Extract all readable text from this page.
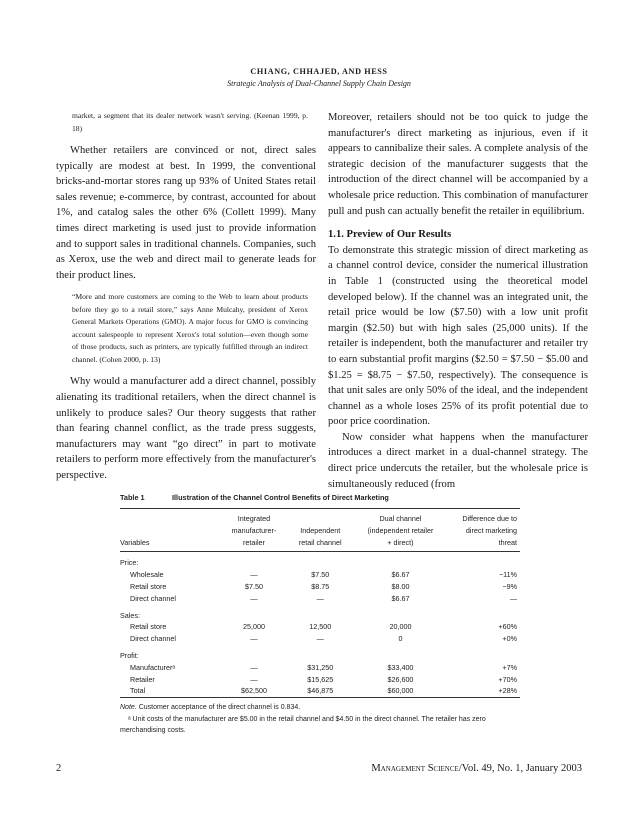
CHIANG, CHHAJED, AND HESS
Strategic Analysis of Dual-Channel Supply Chain Design

market, a segment that its dealer network wasn't serving. (Keenan 1999, p. 18)

Whether retailers are convinced or not, direct sales typically are modest at best. In 1999, the conventional bricks-and-mortar stores rang up 93% of United States retail sales revenue; e-commerce, by contrast, accounted for about 1%, and catalog sales the other 6% (Collett 1999). Many times direct marketing is used just to provide information and to support sales in traditional channels. Companies, such as Xerox, use the web and direct mail to generate leads for their product lines.

“More and more customers are coming to the Web to learn about products before they go to a retail store,” says Anne Mulcahy, president of Xerox General Markets Operations (GMO). A major focus for GMO is convincing account salespeople to represent Xerox's total solution—even though some of those products, such as printers, are typically fulfilled through an indirect channel. (Cohen 2000, p. 13)

Why would a manufacturer add a direct channel, possibly alienating its traditional retailers, when the direct channel is unlikely to produce sales? Our theory suggests that rather than fearing channel conflict, as the trade press suggests, manufacturers may want “go direct” in part to motivate retailers to perform more effectively from the manufacturer's perspective.

Moreover, retailers should not be too quick to judge the manufacturer's direct marketing as injurious, even if it appears to cannibalize their sales. A complete analysis of the strategic decision of the manufacturer suggests that the introduction of the direct channel will be accompanied by a wholesale price reduction. This combination of manufacturer pull and push can actually benefit the retailer in equilibrium.

1.1. Preview of Our Results

To demonstrate this strategic mission of direct marketing as a channel control device, consider the numerical illustration in Table 1 (constructed using the theoretical model developed below). If the channel was an integrated unit, the retail price would be low ($7.50) with a low unit profit margin ($2.50) but with high sales (25,000 units). If the retailer is independent, both the manufacturer and retailer try to earn substantial profit margins ($2.50 = $7.50 − $5.00 and $1.25 = $8.75 − $7.50, respectively). The consequence is that unit sales are only 50% of the ideal, and the independent channel as a whole loses 25% of its profit potential due to poor price coordination.

Now consider what happens when the manufacturer introduces a direct market in a dual-channel strategy. The direct price undercuts the retailer, but the wholesale price is simultaneously reduced (from

Table 1	Illustration of the Channel Control Benefits of Direct Marketing

Variables	Integrated
manufacturer-
retailer	Independent
retail channel	Dual channel
(independent retailer
+ direct)	Difference due to
direct marketing
threat

Price:				
Wholesale	—	$7.50	$6.67	−11%
Retail store	$7.50	$8.75	$8.00	−9%
Direct channel	—	—	$6.67	—
Sales:				
Retail store	25,000	12,500	20,000	+60%
Direct channel	—	—	0	+0%
Profit:				
Manufacturerᵃ	—	$31,250	$33,400	+7%
Retailer	—	$15,625	$26,600	+70%
Total	$62,500	$46,875	$60,000	+28%
Note. Customer acceptance of the direct channel is 0.834.
ᵃ Unit costs of the manufacturer are $5.00 in the retail channel and $4.50 in the direct channel. The retailer has zero merchandising costs.
2	Management Science/Vol. 49, No. 1, January 2003
